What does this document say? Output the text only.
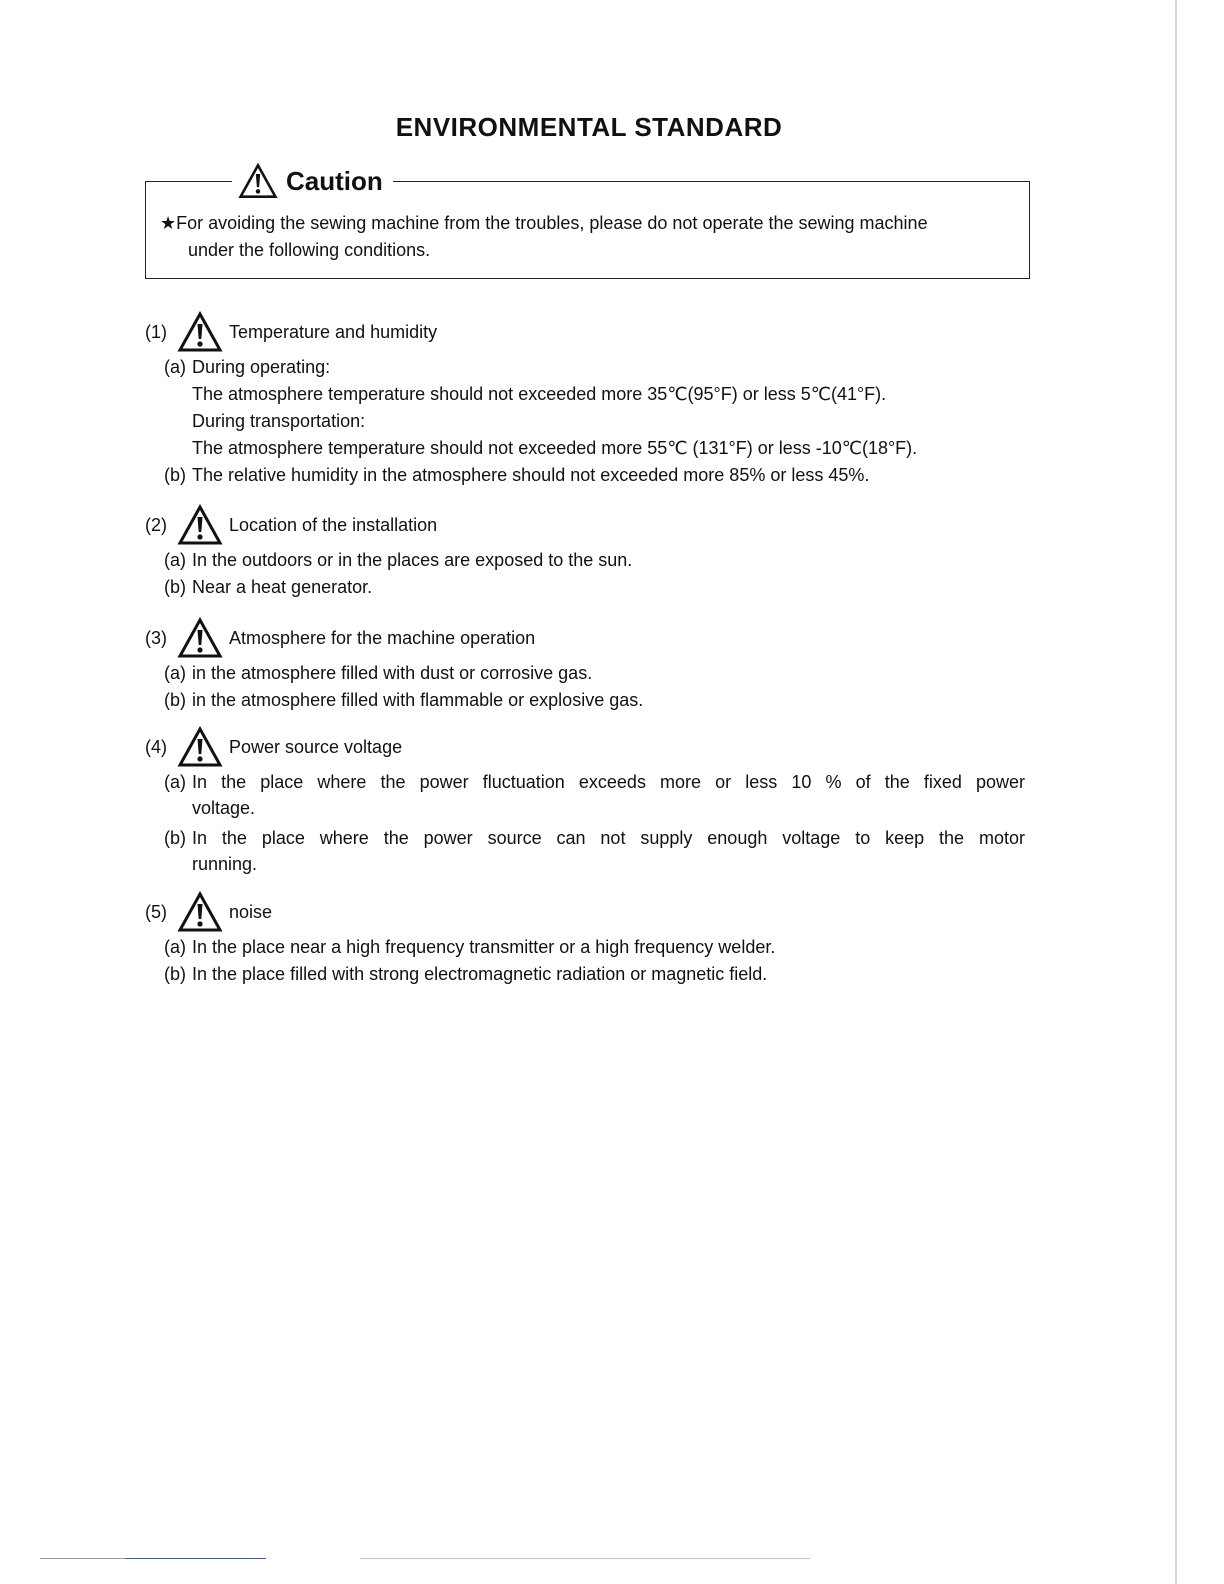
ENVIRONMENTAL STANDARD
Caution
★For avoiding the sewing machine from the troubles, please do not operate the sewing machine
under the following conditions.
(1)	Temperature and humidity
(a) During operating:
The atmosphere temperature should not exceeded more 35℃(95°F) or less 5℃(41°F).
During transportation:
The atmosphere temperature should not exceeded more 55℃ (131°F) or less -10℃(18°F).
(b) The relative humidity in the atmosphere should not exceeded more 85% or less 45%.
(2)	Location of the installation
(a) In the outdoors or in the places are exposed to the sun.
(b) Near a heat generator.
(3)	Atmosphere for the machine operation
(a) in the atmosphere filled with dust or corrosive gas.
(b) in the atmosphere filled with flammable or explosive gas.
(4)	Power source voltage
(a) In the place where the power fluctuation exceeds more or less 10 % of the fixed power
voltage.
(b) In the place where the power source can not supply enough voltage to keep the motor
running.
(5)	noise
(a) In the place near a high frequency transmitter or a high frequency welder.
(b) In the place filled with strong electromagnetic radiation or magnetic field.
